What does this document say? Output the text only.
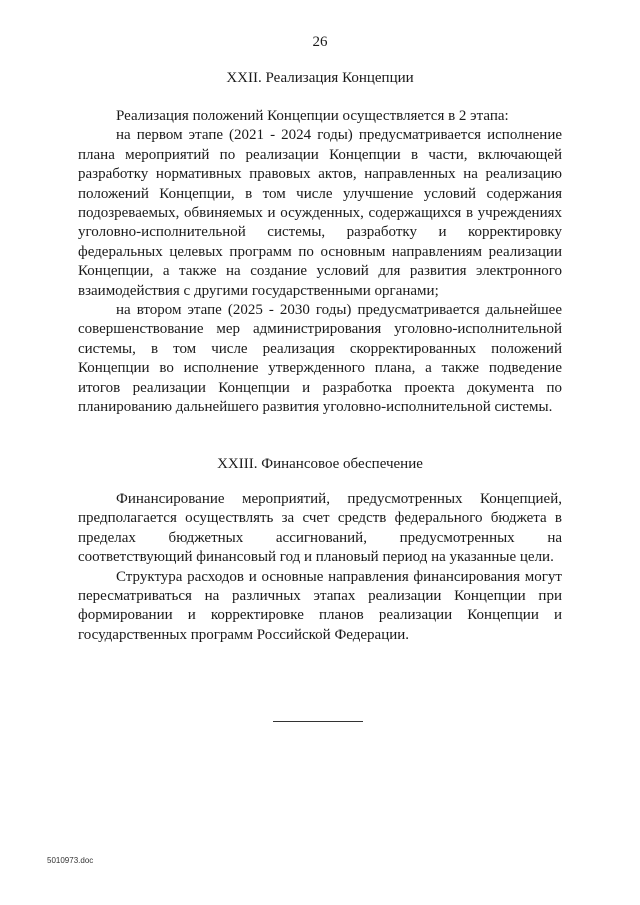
26
XXII. Реализация Концепции

Реализация положений Концепции осуществляется в 2 этапа:

на первом этапе (2021 - 2024 годы) предусматривается исполнение плана мероприятий по реализации Концепции в части, включающей разработку нормативных правовых актов, направленных на реализацию положений Концепции, в том числе улучшение условий содержания подозреваемых, обвиняемых и осужденных, содержащихся в учреждениях уголовно-исполнительной системы, разработку и корректировку федеральных целевых программ по основным направлениям реализации Концепции, а также на создание условий для развития электронного взаимодействия с другими государственными органами;

на втором этапе (2025 - 2030 годы) предусматривается дальнейшее совершенствование мер администрирования уголовно-исполнительной системы, в том числе реализация скорректированных положений Концепции во исполнение утвержденного плана, а также подведение итогов реализации Концепции и разработка проекта документа по планированию дальнейшего развития уголовно-исполнительной системы.

XXIII. Финансовое обеспечение

Финансирование мероприятий, предусмотренных Концепцией, предполагается осуществлять за счет средств федерального бюджета в пределах бюджетных ассигнований, предусмотренных на соответствующий финансовый год и плановый период на указанные цели.

Структура расходов и основные направления финансирования могут пересматриваться на различных этапах реализации Концепции при формировании и корректировке планов реализации Концепции и государственных программ Российской Федерации.

5010973.doc
